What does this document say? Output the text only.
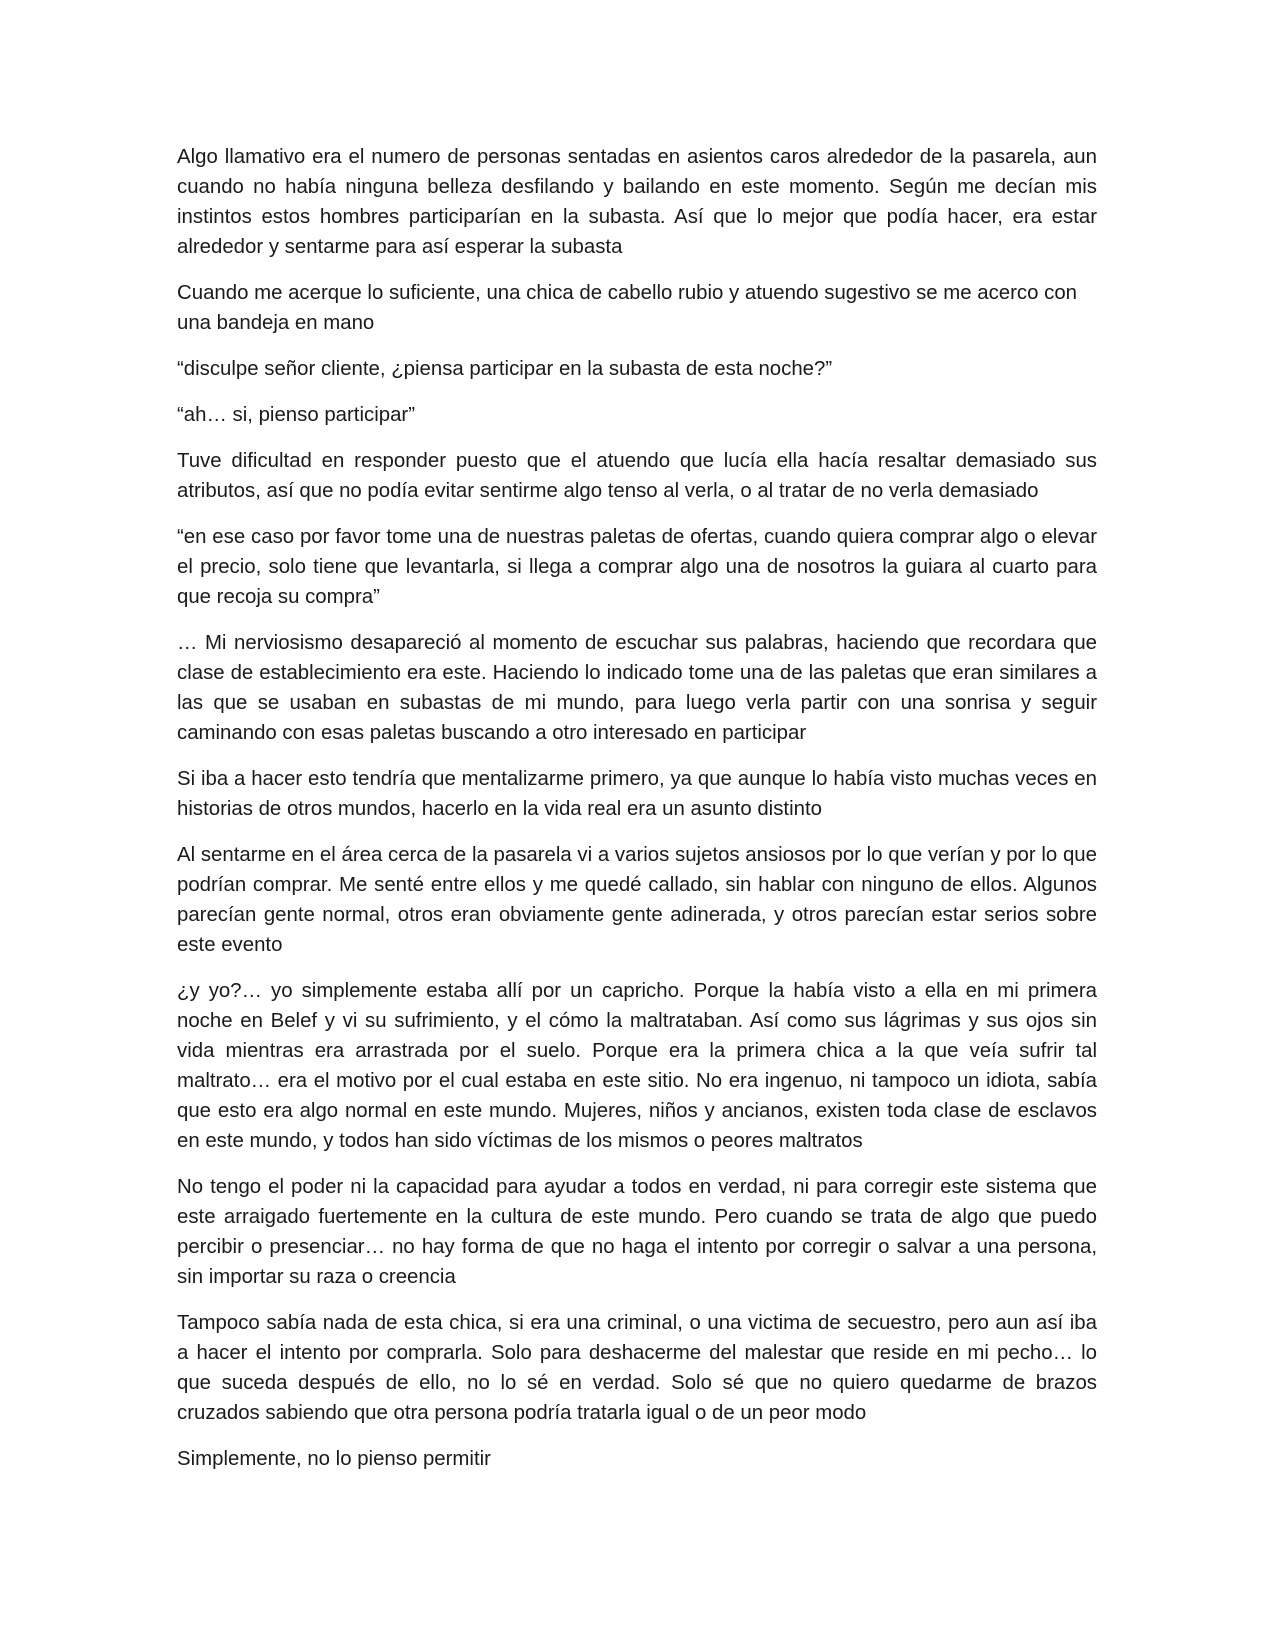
Algo llamativo era el numero de personas sentadas en asientos caros alrededor de la pasarela, aun cuando no había ninguna belleza desfilando y bailando en este momento. Según me decían mis instintos estos hombres participarían en la subasta. Así que lo mejor que podía hacer, era estar alrededor y sentarme para así esperar la subasta

Cuando me acerque lo suficiente, una chica de cabello rubio y atuendo sugestivo se me acerco con una bandeja en mano

“disculpe señor cliente, ¿piensa participar en la subasta de esta noche?”

“ah… si, pienso participar”

Tuve dificultad en responder puesto que el atuendo que lucía ella hacía resaltar demasiado sus atributos, así que no podía evitar sentirme algo tenso al verla, o al tratar de no verla demasiado

“en ese caso por favor tome una de nuestras paletas de ofertas, cuando quiera comprar algo o elevar el precio, solo tiene que levantarla, si llega a comprar algo una de nosotros la guiara al cuarto para que recoja su compra”

… Mi nerviosismo desapareció al momento de escuchar sus palabras, haciendo que recordara que clase de establecimiento era este. Haciendo lo indicado tome una de las paletas que eran similares a las que se usaban en subastas de mi mundo, para luego verla partir con una sonrisa y seguir caminando con esas paletas buscando a otro interesado en participar

Si iba a hacer esto tendría que mentalizarme primero, ya que aunque lo había visto muchas veces en historias de otros mundos, hacerlo en la vida real era un asunto distinto

Al sentarme en el área cerca de la pasarela vi a varios sujetos ansiosos por lo que verían y por lo que podrían comprar. Me senté entre ellos y me quedé callado, sin hablar con ninguno de ellos. Algunos parecían gente normal, otros eran obviamente gente adinerada, y otros parecían estar serios sobre este evento

¿y yo?… yo simplemente estaba allí por un capricho. Porque la había visto a ella en mi primera noche en Belef y vi su sufrimiento, y el cómo la maltrataban. Así como sus lágrimas y sus ojos sin vida mientras era arrastrada por el suelo. Porque era la primera chica a la que veía sufrir tal maltrato… era el motivo por el cual estaba en este sitio. No era ingenuo, ni tampoco un idiota, sabía que esto era algo normal en este mundo. Mujeres, niños y ancianos, existen toda clase de esclavos en este mundo, y todos han sido víctimas de los mismos o peores maltratos

No tengo el poder ni la capacidad para ayudar a todos en verdad, ni para corregir este sistema que este arraigado fuertemente en la cultura de este mundo. Pero cuando se trata de algo que puedo percibir o presenciar… no hay forma de que no haga el intento por corregir o salvar a una persona, sin importar su raza o creencia

Tampoco sabía nada de esta chica, si era una criminal, o una victima de secuestro, pero aun así iba a hacer el intento por comprarla. Solo para deshacerme del malestar que reside en mi pecho… lo que suceda después de ello, no lo sé en verdad. Solo sé que no quiero quedarme de brazos cruzados sabiendo que otra persona podría tratarla igual o de un peor modo

Simplemente, no lo pienso permitir
